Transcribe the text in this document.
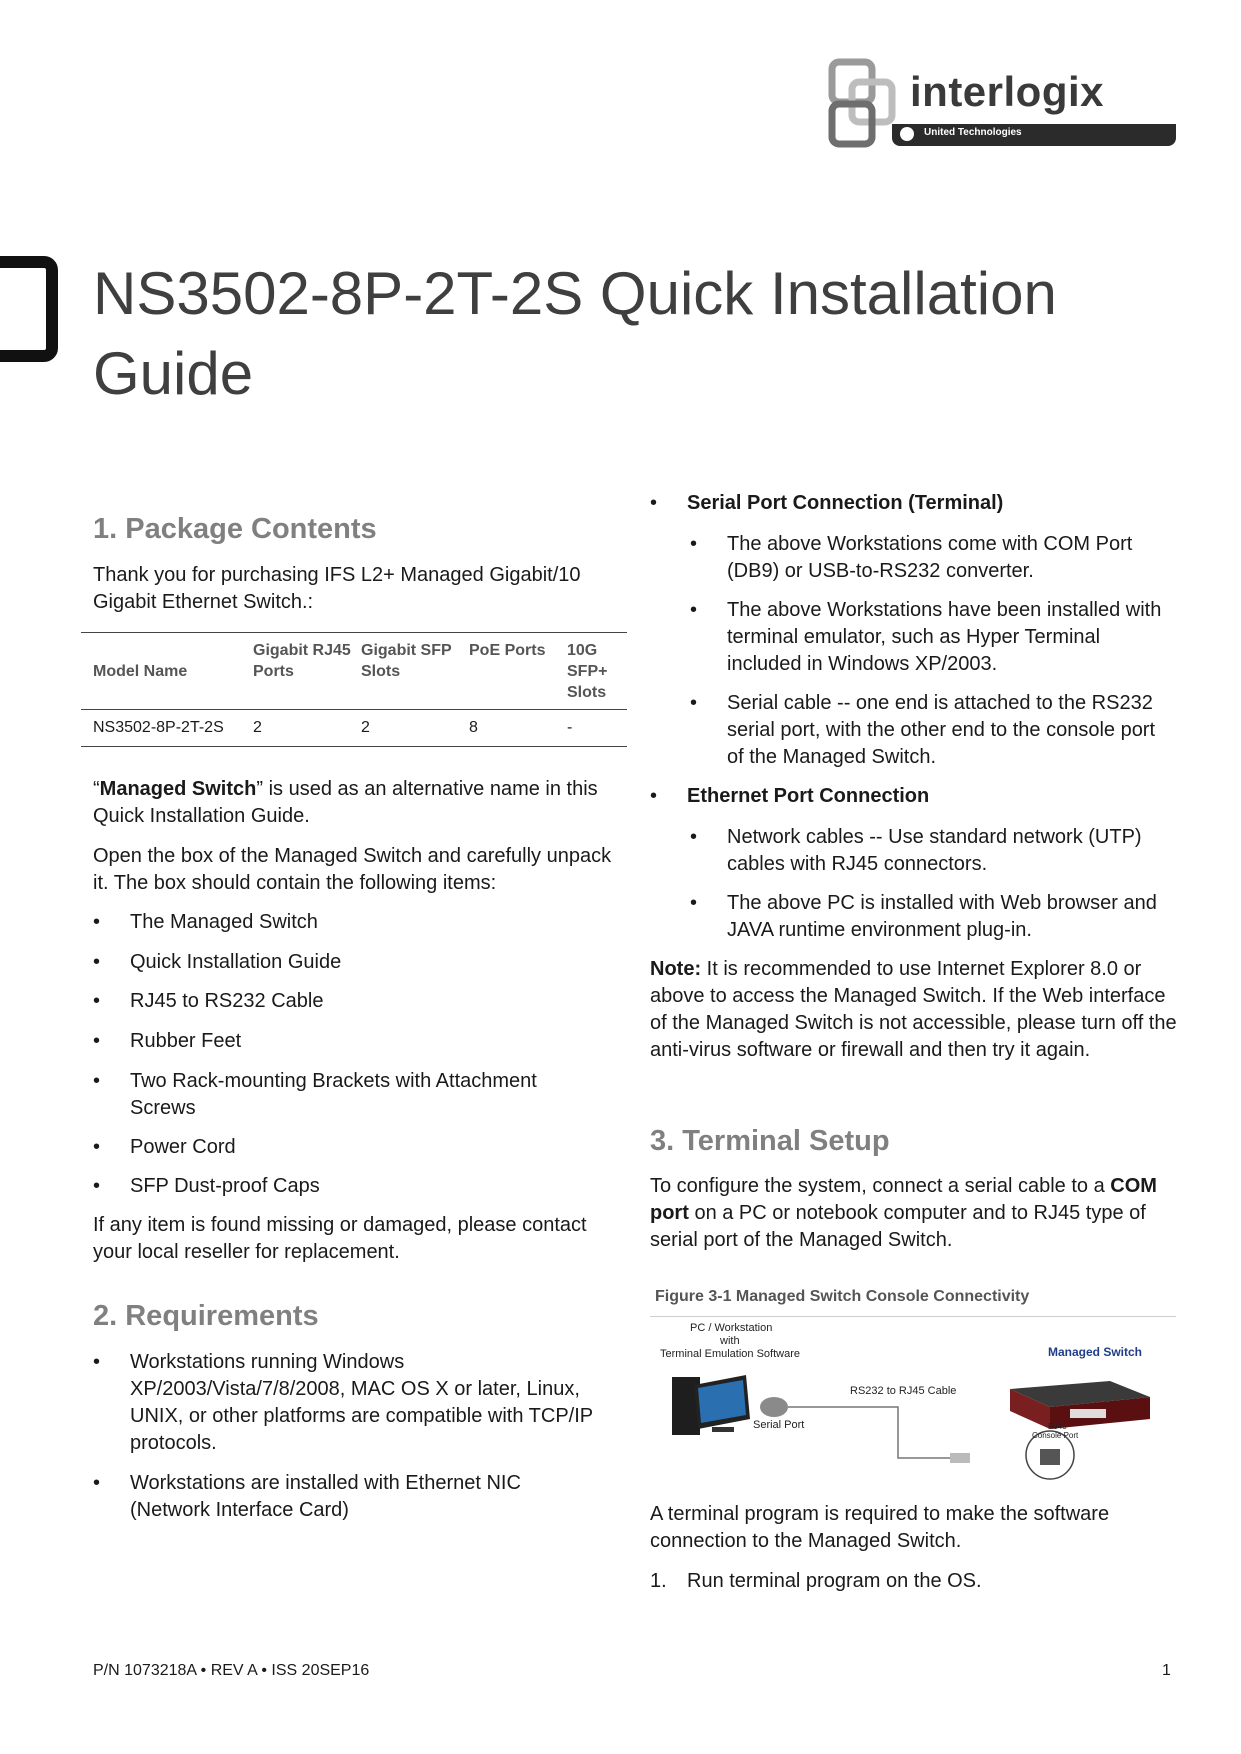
interlogix
United Technologies
NS3502-8P-2T-2S Quick Installation Guide
1. Package Contents

Thank you for purchasing IFS L2+ Managed Gigabit/10 Gigabit Ethernet Switch.:

Model Name	Gigabit RJ45 Ports	Gigabit SFP Slots	PoE Ports	10G SFP+ Slots
NS3502-8P-2T-2S	2	2	8	-

“Managed Switch” is used as an alternative name in this Quick Installation Guide.

Open the box of the Managed Switch and carefully unpack it. The box should contain the following items:

• The Managed Switch
• Quick Installation Guide
• RJ45 to RS232 Cable
• Rubber Feet
• Two Rack-mounting Brackets with Attachment Screws
• Power Cord
• SFP Dust-proof Caps

If any item is found missing or damaged, please contact your local reseller for replacement.

2. Requirements
• Workstations running Windows XP/2003/Vista/7/8/2008, MAC OS X or later, Linux, UNIX, or other platforms are compatible with TCP/IP protocols.
• Workstations are installed with Ethernet NIC (Network Interface Card)
• Serial Port Connection (Terminal)
• The above Workstations come with COM Port (DB9) or USB-to-RS232 converter.
• The above Workstations have been installed with terminal emulator, such as Hyper Terminal included in Windows XP/2003.
• Serial cable -- one end is attached to the RS232 serial port, with the other end to the console port of the Managed Switch.
• Ethernet Port Connection
• Network cables -- Use standard network (UTP) cables with RJ45 connectors.
• The above PC is installed with Web browser and JAVA runtime environment plug-in.

Note: It is recommended to use Internet Explorer 8.0 or above to access the Managed Switch. If the Web interface of the Managed Switch is not accessible, please turn off the anti-virus software or firewall and then try it again.

3. Terminal Setup

To configure the system, connect a serial cable to a COM port on a PC or notebook computer and to RJ45 type of serial port of the Managed Switch.

Figure 3-1 Managed Switch Console Connectivity
PC / Workstation
with
Terminal Emulation Software	Managed Switch
RS232 to RJ45 Cable
Serial Port	RJ45
Console Port

A terminal program is required to make the software connection to the Managed Switch.

1. Run terminal program on the OS.
P/N 1073218A • REV A • ISS 20SEP16	1
